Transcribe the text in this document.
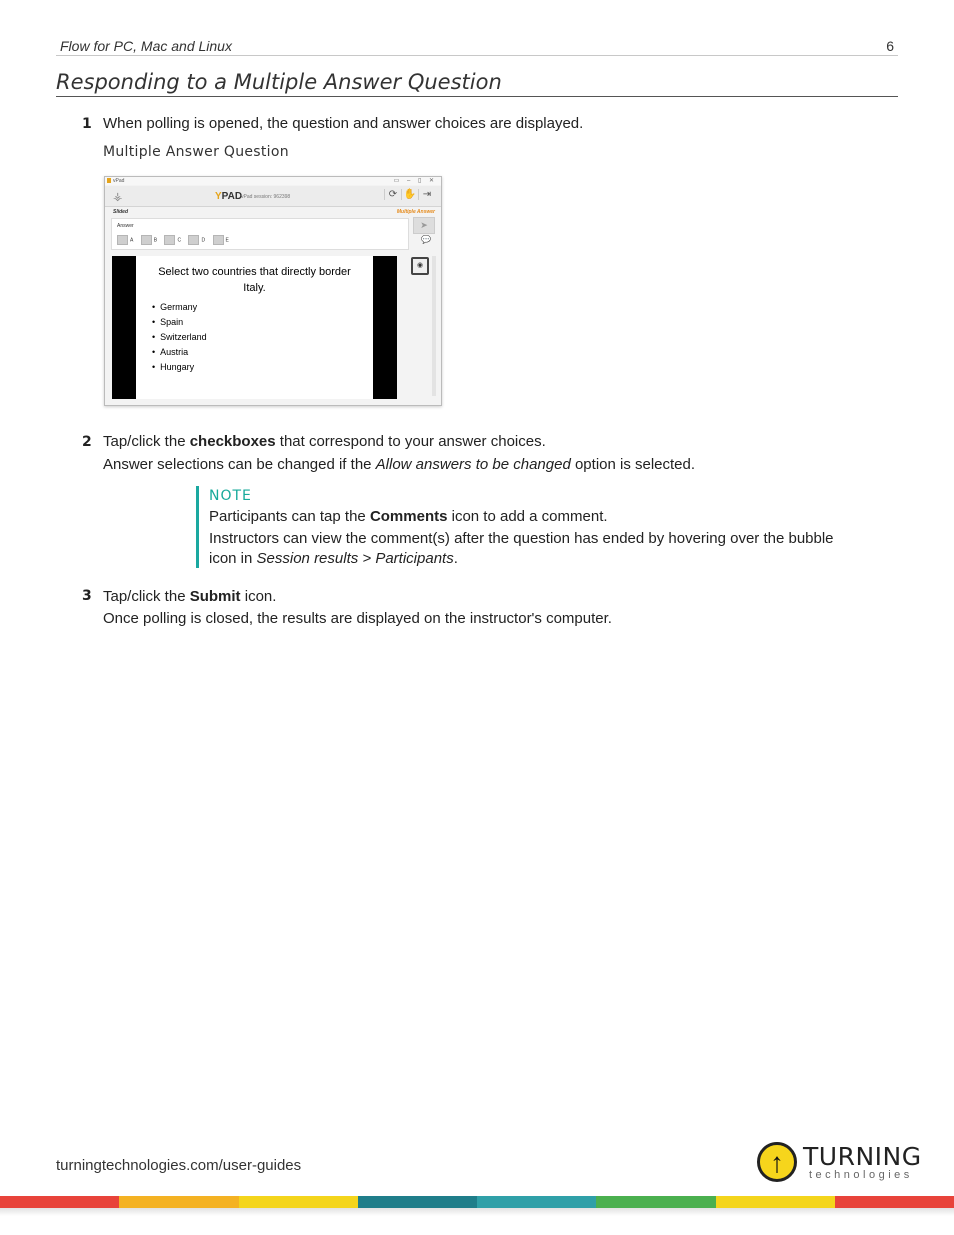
Flow for PC, Mac and Linux	6
Responding to a Multiple Answer Question
1 When polling is opened, the question and answer choices are displayed.
Multiple Answer Question
vPad	▭ ‒ ▯ ✕
⚶	YPAD
vPad session: 962398	⟳ ✋ ⇥
Slided	Multiple Answer
Answer
A	B	C	D	E
➤
💬
Select two countries that directly border Italy.
• Germany
• Spain
• Switzerland
• Austria
• Hungary
◉
2 Tap/click the checkboxes that correspond to your answer choices.
Answer selections can be changed if the Allow answers to be changed option is selected.
NOTE
Participants can tap the Comments icon to add a comment.
Instructors can view the comment(s) after the question has ended by hovering over the bubble icon in Session results > Participants.
3 Tap/click the Submit icon.
Once polling is closed, the results are displayed on the instructor's computer.
turningtechnologies.com/user-guides	↑ TURNING
technologies
